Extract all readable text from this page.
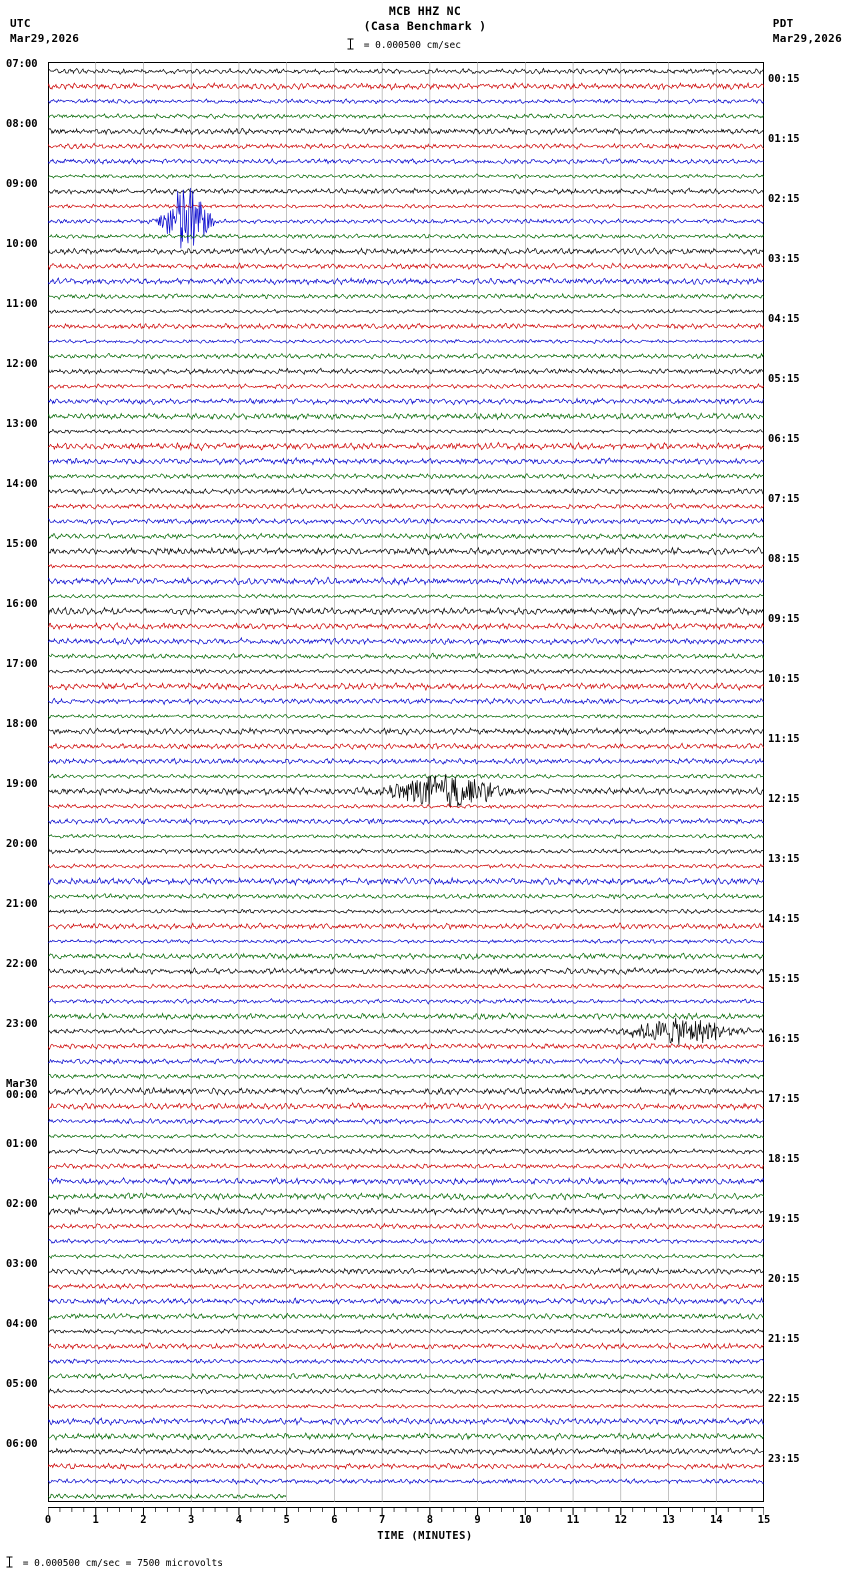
UTC
Mar29,2026
MCB HHZ NC
(Casa Benchmark )
= 0.000500 cm/sec
PDT
Mar29,2026
07:00
08:00
09:00
10:00
11:00
12:00
13:00
14:00
15:00
16:00
17:00
18:00
19:00
20:00
21:00
22:00
23:00
Mar30
00:00
01:00
02:00
03:00
04:00
05:00
06:00
00:15
01:15
02:15
03:15
04:15
05:15
06:15
07:15
08:15
09:15
10:15
11:15
12:15
13:15
14:15
15:15
16:15
17:15
18:15
19:15
20:15
21:15
22:15
23:15
0	1	2	3	4	5	6	7	8	9	10	11	12	13	14	15
TIME (MINUTES)
= 0.000500 cm/sec = 7500 microvolts
